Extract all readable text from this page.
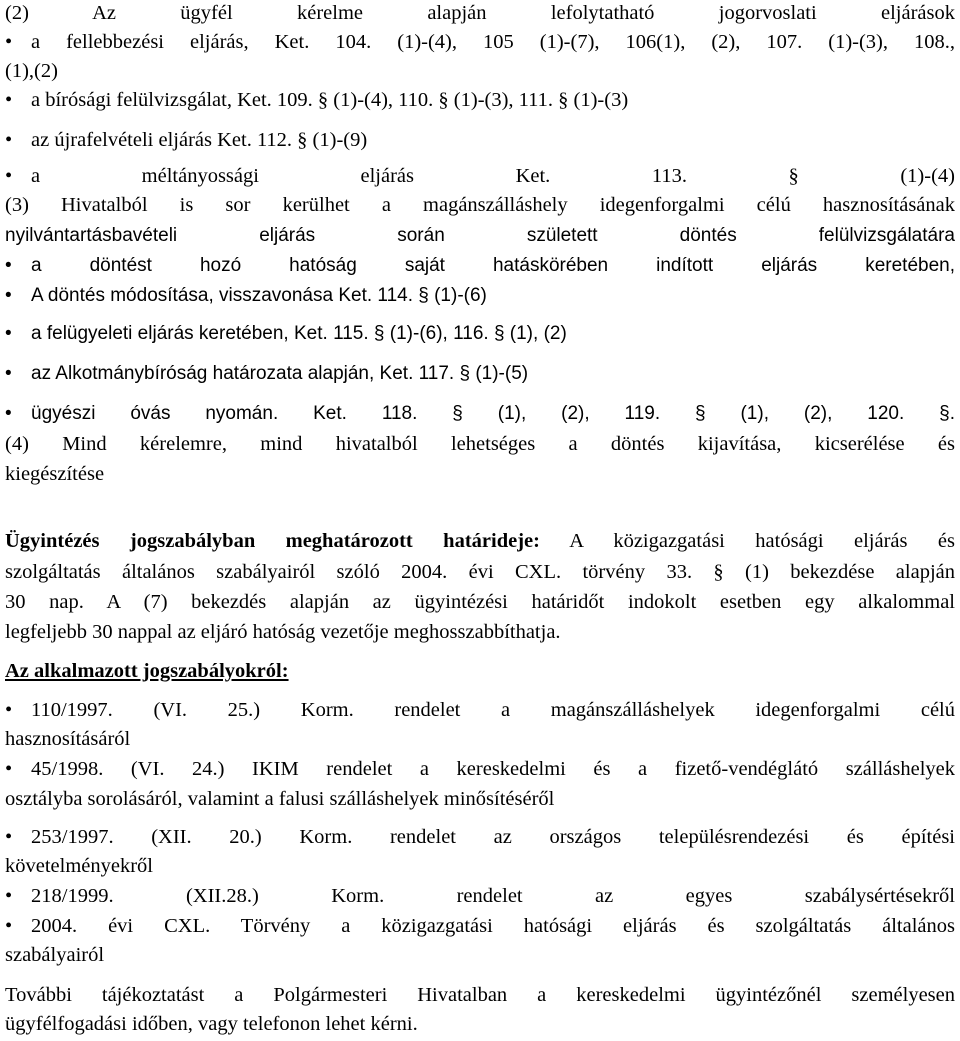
(2) Az ügyfél kérelme alapján lefolytatható jogorvoslati eljárások
•a fellebbezési eljárás, Ket. 104. (1)-(4), 105 (1)-(7), 106(1), (2), 107. (1)-(3), 108.,
(1),(2)
•a bírósági felülvizsgálat, Ket. 109. § (1)-(4), 110. § (1)-(3), 111. § (1)-(3)
•az újrafelvételi eljárás Ket. 112. § (1)-(9)
•a méltányossági eljárás Ket. 113. § (1)-(4)
(3) Hivatalból is sor kerülhet a magánszálláshely idegenforgalmi célú hasznosításának
nyilvántartásbavételi eljárás során született döntés felülvizsgálatára
•a döntést hozó hatóság saját hatáskörében indított eljárás keretében,
•A döntés módosítása, visszavonása Ket. 114. § (1)-(6)
•a felügyeleti eljárás keretében, Ket. 115. § (1)-(6), 116. § (1), (2)
•az Alkotmánybíróság határozata alapján, Ket. 117. § (1)-(5)
•ügyészi óvás nyomán. Ket. 118. § (1), (2), 119. § (1), (2), 120. §.
(4) Mind kérelemre, mind hivatalból lehetséges a döntés kijavítása, kicserélése és
kiegészítése
Ügyintézés jogszabályban meghatározott határideje: A közigazgatási hatósági eljárás és
szolgáltatás általános szabályairól szóló 2004. évi CXL. törvény 33. § (1) bekezdése alapján
30 nap. A (7) bekezdés alapján az ügyintézési határidőt indokolt esetben egy alkalommal
legfeljebb 30 nappal az eljáró hatóság vezetője meghosszabbíthatja.
Az alkalmazott jogszabályokról:
•110/1997. (VI. 25.) Korm. rendelet a magánszálláshelyek idegenforgalmi célú
hasznosításáról
•45/1998. (VI. 24.) IKIM rendelet a kereskedelmi és a fizető-vendéglátó szálláshelyek
osztályba sorolásáról, valamint a falusi szálláshelyek minősítéséről
•253/1997. (XII. 20.) Korm. rendelet az országos településrendezési és építési
követelményekről
•218/1999. (XII.28.) Korm. rendelet az egyes szabálysértésekről
•2004. évi CXL. Törvény a közigazgatási hatósági eljárás és szolgáltatás általános
szabályairól
További tájékoztatást a Polgármesteri Hivatalban a kereskedelmi ügyintézőnél személyesen
ügyfélfogadási időben, vagy telefonon lehet kérni.
